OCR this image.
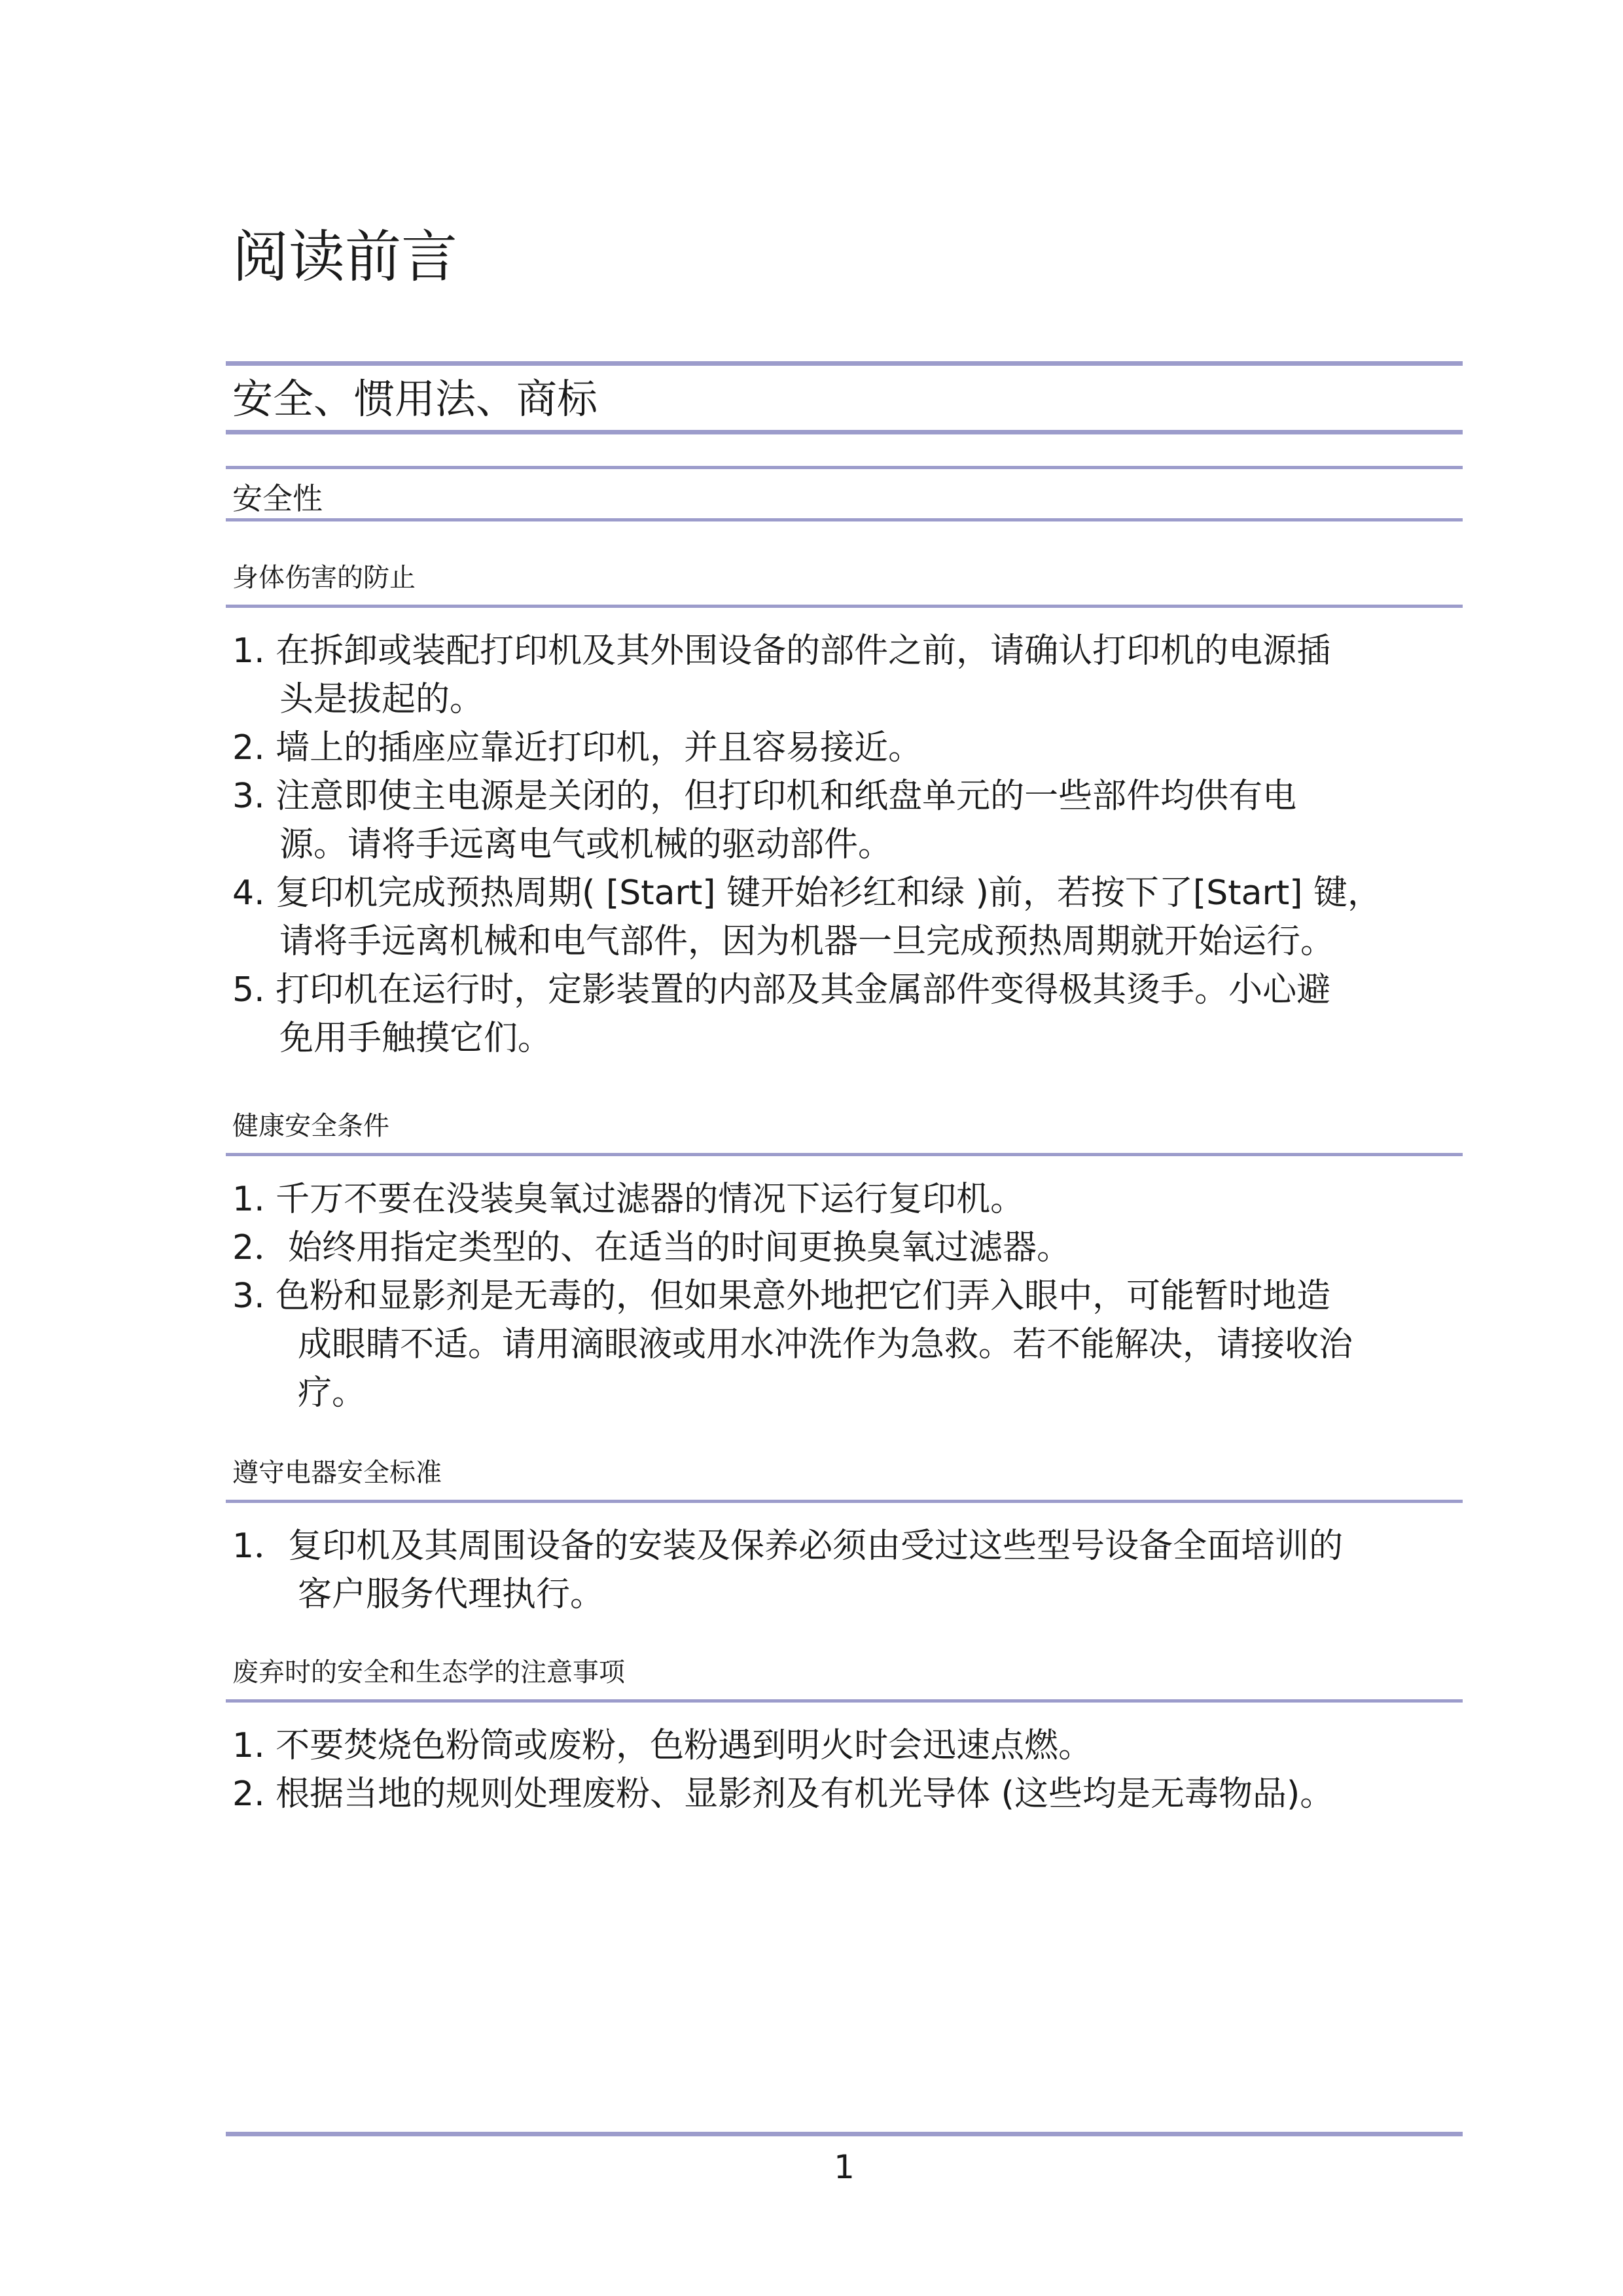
阅读前言
安全、惯用法、商标
安全性
身体伤害的防止
1. 在拆卸或装配打印机及其外围设备的部件之前，请确认打印机的电源插
头是拔起的。
2. 墙上的插座应靠近打印机，并且容易接近。
3. 注意即使主电源是关闭的，但打印机和纸盘单元的一些部件均供有电
源。请将手远离电气或机械的驱动部件。
4. 复印机完成预热周期( [Start] 键开始衫红和绿 )前，若按下了[Start] 键，
请将手远离机械和电气部件，因为机器一旦完成预热周期就开始运行。
5. 打印机在运行时，定影装置的内部及其金属部件变得极其烫手。小心避
免用手触摸它们。
健康安全条件
1. 千万不要在没装臭氧过滤器的情况下运行复印机。
2．始终用指定类型的、在适当的时间更换臭氧过滤器。
3. 色粉和显影剂是无毒的，但如果意外地把它们弄入眼中，可能暂时地造
成眼睛不适。请用滴眼液或用水冲洗作为急救。若不能解决，请接收治
疗。
遵守电器安全标准
1．复印机及其周围设备的安装及保养必须由受过这些型号设备全面培训的
客户服务代理执行。
废弃时的安全和生态学的注意事项
1. 不要焚烧色粉筒或废粉，色粉遇到明火时会迅速点燃。
2. 根据当地的规则处理废粉、显影剂及有机光导体 (这些均是无毒物品)。
1
